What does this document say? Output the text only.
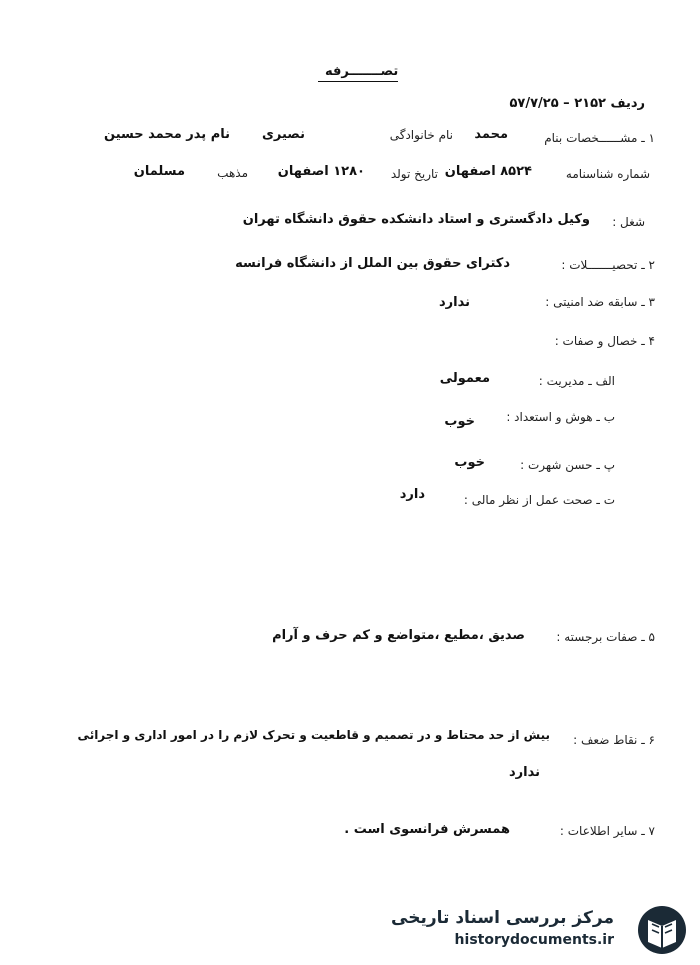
تصـــــــرفه
ردیف ۲۱۵۲ – ۵۷/۷/۲۵
۱ ـ مشــــــخصات بنام
محمد
نام خانوادگی
نصیری
نام پدر محمد حسین
شماره شناسنامه
۸۵۲۴ اصفهان
تاریخ تولد
۱۲۸۰ اصفهان
مذهب
مسلمان
شغل :
وکیل دادگستری و استاد دانشکده حقوق دانشگاه تهران
۲ ـ تحصیـــــــلات :
دکترای حقوق بین الملل از دانشگاه فرانسه
۳ ـ سابقه ضد امنیتی :
ندارد
۴ ـ خصال و صفات :
الف ـ مدیریت :
معمولی
ب ـ هوش و استعداد :
خوب
پ ـ حسن شهرت :
خوب
ت ـ صحت عمل از نظر مالی :
دارد
۵ ـ صفات برجسته :
صدیق ،مطیع ،متواضع و کم حرف و آرام
۶ ـ نقاط ضعف :
بیش از حد محتاط و در تصمیم و قاطعیت و تحرک لازم را در امور اداری و اجرائی
ندارد
۷ ـ سایر اطلاعات :
همسرش فرانسوی است .
مرکز بررسی اسناد تاریخی
historydocuments.ir
